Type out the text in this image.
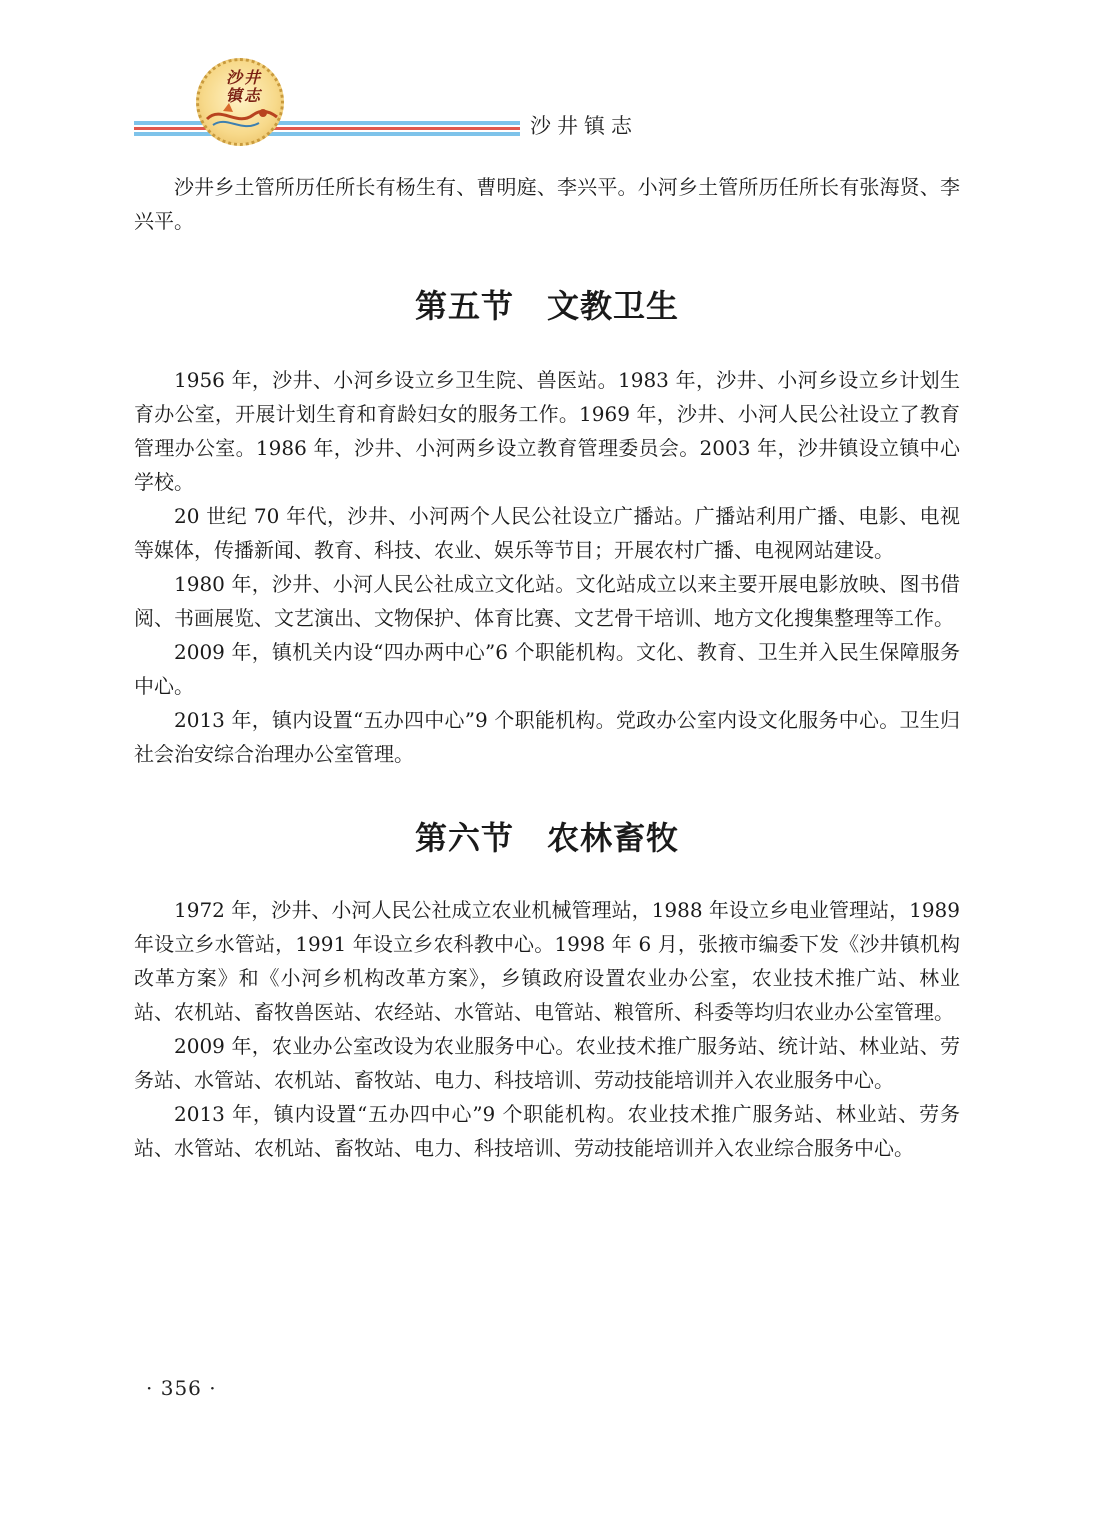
沙井镇志
沙井镇志

沙井乡土管所历任所长有杨生有、曹明庭、李兴平。小河乡土管所历任所长有张海贤、李兴平。

第五节　文教卫生

1956 年，沙井、小河乡设立乡卫生院、兽医站。1983 年，沙井、小河乡设立乡计划生育办公室，开展计划生育和育龄妇女的服务工作。1969 年，沙井、小河人民公社设立了教育管理办公室。1986 年，沙井、小河两乡设立教育管理委员会。2003 年，沙井镇设立镇中心学校。

20 世纪 70 年代，沙井、小河两个人民公社设立广播站。广播站利用广播、电影、电视等媒体，传播新闻、教育、科技、农业、娱乐等节目；开展农村广播、电视网站建设。

1980 年，沙井、小河人民公社成立文化站。文化站成立以来主要开展电影放映、图书借阅、书画展览、文艺演出、文物保护、体育比赛、文艺骨干培训、地方文化搜集整理等工作。

2009 年，镇机关内设“四办两中心”6 个职能机构。文化、教育、卫生并入民生保障服务中心。

2013 年，镇内设置“五办四中心”9 个职能机构。党政办公室内设文化服务中心。卫生归社会治安综合治理办公室管理。

第六节　农林畜牧

1972 年，沙井、小河人民公社成立农业机械管理站，1988 年设立乡电业管理站，1989 年设立乡水管站，1991 年设立乡农科教中心。1998 年 6 月，张掖市编委下发《沙井镇机构改革方案》和《小河乡机构改革方案》，乡镇政府设置农业办公室，农业技术推广站、林业站、农机站、畜牧兽医站、农经站、水管站、电管站、粮管所、科委等均归农业办公室管理。

2009 年，农业办公室改设为农业服务中心。农业技术推广服务站、统计站、林业站、劳务站、水管站、农机站、畜牧站、电力、科技培训、劳动技能培训并入农业服务中心。

2013 年，镇内设置“五办四中心”9 个职能机构。农业技术推广服务站、林业站、劳务站、水管站、农机站、畜牧站、电力、科技培训、劳动技能培训并入农业综合服务中心。

· 356 ·
